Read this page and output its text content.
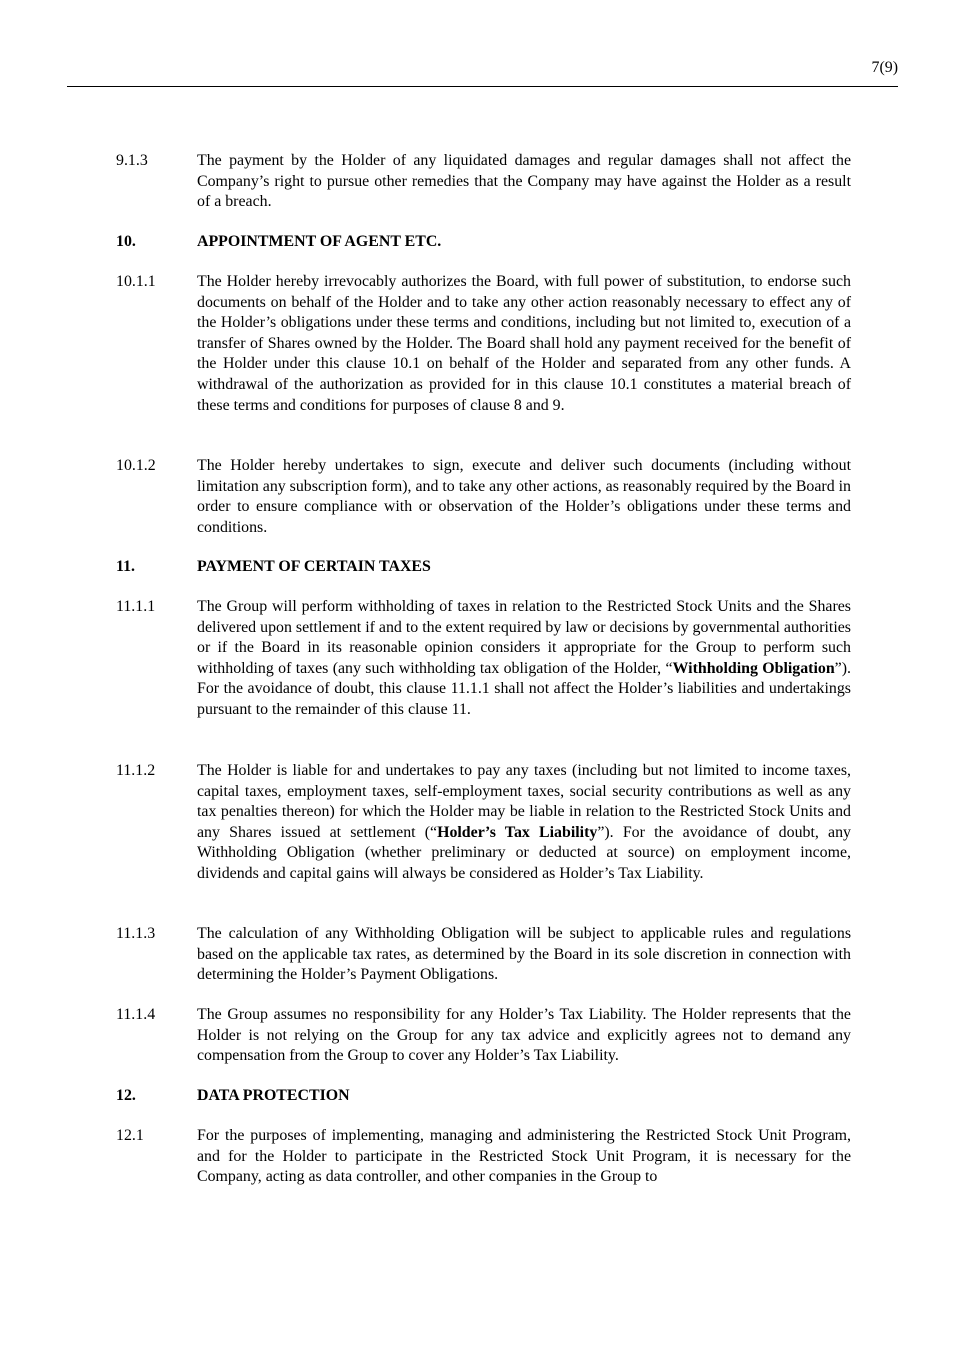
7(9)
9.1.3	The payment by the Holder of any liquidated damages and regular damages shall not affect the Company’s right to pursue other remedies that the Company may have against the Holder as a result of a breach.
10.	APPOINTMENT OF AGENT ETC.
10.1.1	The Holder hereby irrevocably authorizes the Board, with full power of substitution, to endorse such documents on behalf of the Holder and to take any other action reasonably necessary to effect any of the Holder’s obligations under these terms and conditions, including but not limited to, execution of a transfer of Shares owned by the Holder. The Board shall hold any payment received for the benefit of the Holder under this clause 10.1 on behalf of the Holder and separated from any other funds. A withdrawal of the authorization as provided for in this clause 10.1 constitutes a material breach of these terms and conditions for purposes of clause 8 and 9.
10.1.2	The Holder hereby undertakes to sign, execute and deliver such documents (including without limitation any subscription form), and to take any other actions, as reasonably required by the Board in order to ensure compliance with or observation of the Holder’s obligations under these terms and conditions.
11.	PAYMENT OF CERTAIN TAXES
11.1.1	The Group will perform withholding of taxes in relation to the Restricted Stock Units and the Shares delivered upon settlement if and to the extent required by law or decisions by governmental authorities or if the Board in its reasonable opinion considers it appropriate for the Group to perform such withholding of taxes (any such withholding tax obligation of the Holder, “Withholding Obligation”). For the avoidance of doubt, this clause 11.1.1 shall not affect the Holder’s liabilities and undertakings pursuant to the remainder of this clause 11.
11.1.2	The Holder is liable for and undertakes to pay any taxes (including but not limited to income taxes, capital taxes, employment taxes, self-employment taxes, social security contributions as well as any tax penalties thereon) for which the Holder may be liable in relation to the Restricted Stock Units and any Shares issued at settlement (“Holder’s Tax Liability”). For the avoidance of doubt, any Withholding Obligation (whether preliminary or deducted at source) on employment income, dividends and capital gains will always be considered as Holder’s Tax Liability.
11.1.3	The calculation of any Withholding Obligation will be subject to applicable rules and regulations based on the applicable tax rates, as determined by the Board in its sole discretion in connection with determining the Holder’s Payment Obligations.
11.1.4	The Group assumes no responsibility for any Holder’s Tax Liability. The Holder represents that the Holder is not relying on the Group for any tax advice and explicitly agrees not to demand any compensation from the Group to cover any Holder’s Tax Liability.
12.	DATA PROTECTION
12.1	For the purposes of implementing, managing and administering the Restricted Stock Unit Program, and for the Holder to participate in the Restricted Stock Unit Program, it is necessary for the Company, acting as data controller, and other companies in the Group to
